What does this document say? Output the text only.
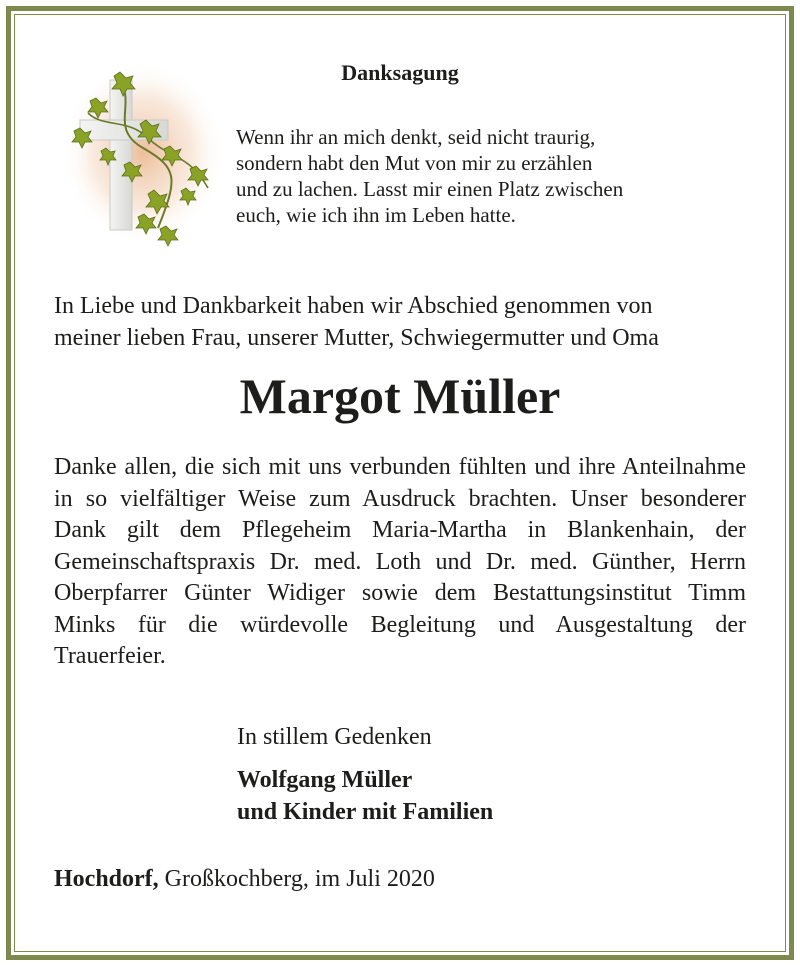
Danksagung
Wenn ihr an mich denkt, seid nicht traurig,
sondern habt den Mut von mir zu erzählen
und zu lachen. Lasst mir einen Platz zwischen
euch, wie ich ihn im Leben hatte.
In Liebe und Dankbarkeit haben wir Abschied genommen von
meiner lieben Frau, unserer Mutter, Schwiegermutter und Oma
Margot Müller

Danke allen, die sich mit uns verbunden fühlten und ihre Anteilnahme in so vielfältiger Weise zum Ausdruck brachten. Unser besonderer Dank gilt dem Pflegeheim Maria-Martha in Blankenhain, der Gemeinschaftspraxis Dr. med. Loth und Dr. med. Günther, Herrn Oberpfarrer Günter Widiger sowie dem Bestattungsinstitut Timm Minks für die würdevolle Begleitung und Ausgestaltung der Trauerfeier.

In stillem Gedenken
Wolfgang Müller
und Kinder mit Familien
Hochdorf, Großkochberg, im Juli 2020
